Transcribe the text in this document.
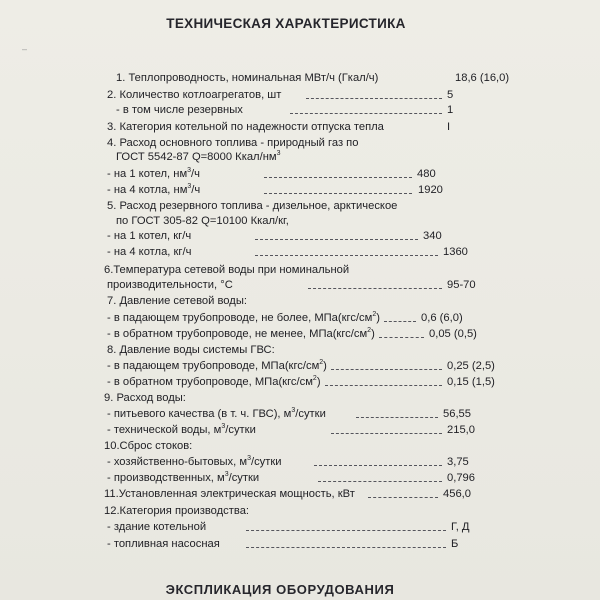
–
ТЕХНИЧЕСКАЯ ХАРАКТЕРИСТИКА
1. Теплопроводность, номинальная МВт/ч (Гкал/ч)	18,6 (16,0)
2. Количество котлоагрегатов, шт	5
- в том числе резервных	1
3. Категория котельной по надежности отпуска тепла	I
4. Расход основного топлива - природный газ по
ГОСТ 5542-87 Q=8000 Ккал/$нм^3$
- на 1 котел, $нм^3/ч$	480
- на 4 котла, $нм^3/ч$	1920
5. Расход резервного топлива - дизельное, арктическое
по ГОСТ 305-82 Q=10100 Ккал/кг,
- на 1 котел, кг/ч	340
- на 4 котла, кг/ч	1360
6.Температура сетевой воды при номинальной
производительности, °С	95-70
7. Давление сетевой воды:
- в падающем трубопроводе, не более, $МПа(кгс/см^2)$	0,6 (6,0)
- в обратном трубопроводе, не менее, $МПа(кгс/см^2)$	0,05 (0,5)
8. Давление воды системы ГВС:
- в падающем трубопроводе, $МПа(кгс/см^2)$	0,25 (2,5)
- в обратном трубопроводе, $МПа(кгс/см^2)$	0,15 (1,5)
9. Расход воды:
- питьевого качества (в т. ч. ГВС), $м^3$/сутки	56,55
- технической воды, $м^3$/сутки	215,0
10.Сброс стоков:
- хозяйственно-бытовых, $м^3$/сутки	3,75
- производственных, $м^3$/сутки	0,796
11.Установленная электрическая мощность, кВт	456,0
12.Категория производства:
- здание котельной	Г, Д
- топливная насосная	Б
ЭКСПЛИКАЦИЯ ОБОРУДОВАНИЯ
